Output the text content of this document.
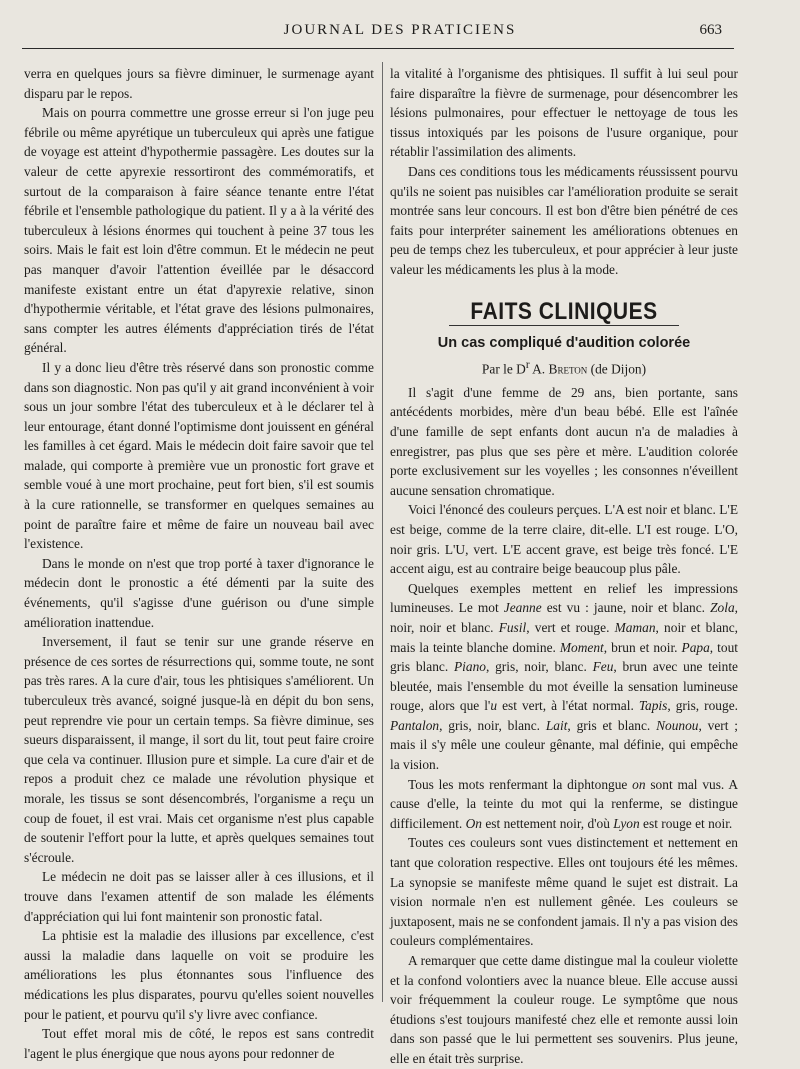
JOURNAL DES PRATICIENS	663

verra en quelques jours sa fièvre diminuer, le surmenage ayant disparu par le repos.

Mais on pourra commettre une grosse erreur si l'on juge peu fébrile ou même apyrétique un tuberculeux qui après une fatigue de voyage est atteint d'hypothermie passagère. Les doutes sur la valeur de cette apyrexie ressortiront des commémoratifs, et surtout de la comparaison à faire séance tenante entre l'état fébrile et l'ensemble pathologique du patient. Il y a à la vérité des tuberculeux à lésions énormes qui touchent à peine 37 tous les soirs. Mais le fait est loin d'être commun. Et le médecin ne peut pas manquer d'avoir l'attention éveillée par le désaccord manifeste existant entre un état d'apyrexie relative, sinon d'hypothermie véritable, et l'état grave des lésions pulmonaires, sans compter les autres éléments d'appréciation tirés de l'état général.

Il y a donc lieu d'être très réservé dans son pronostic comme dans son diagnostic. Non pas qu'il y ait grand inconvénient à voir sous un jour sombre l'état des tuberculeux et à le déclarer tel à leur entourage, étant donné l'optimisme dont jouissent en général les familles à cet égard. Mais le médecin doit faire savoir que tel malade, qui comporte à première vue un pronostic fort grave et semble voué à une mort prochaine, peut fort bien, s'il est soumis à la cure rationnelle, se transformer en quelques semaines au point de paraître faire et même de faire un nouveau bail avec l'existence.

Dans le monde on n'est que trop porté à taxer d'ignorance le médecin dont le pronostic a été démenti par la suite des événements, qu'il s'agisse d'une guérison ou d'une simple amélioration inattendue.

Inversement, il faut se tenir sur une grande réserve en présence de ces sortes de résurrections qui, somme toute, ne sont pas très rares. A la cure d'air, tous les phtisiques s'améliorent. Un tuberculeux très avancé, soigné jusque-là en dépit du bon sens, peut reprendre vie pour un certain temps. Sa fièvre diminue, ses sueurs disparaissent, il mange, il sort du lit, tout peut faire croire que cela va continuer. Illusion pure et simple. La cure d'air et de repos a produit chez ce malade une révolution physique et morale, les tissus se sont désencombrés, l'organisme a reçu un coup de fouet, il est vrai. Mais cet organisme n'est plus capable de soutenir l'effort pour la lutte, et après quelques semaines tout s'écroule.

Le médecin ne doit pas se laisser aller à ces illusions, et il trouve dans l'examen attentif de son malade les éléments d'appréciation qui lui font maintenir son pronostic fatal.

La phtisie est la maladie des illusions par excellence, c'est aussi la maladie dans laquelle on voit se produire les améliorations les plus étonnantes sous l'influence des médications les plus disparates, pourvu qu'elles soient nouvelles pour le patient, et pourvu qu'il s'y livre avec confiance.

Tout effet moral mis de côté, le repos est sans contredit l'agent le plus énergique que nous ayons pour redonner de

la vitalité à l'organisme des phtisiques. Il suffit à lui seul pour faire disparaître la fièvre de surmenage, pour désencombrer les lésions pulmonaires, pour effectuer le nettoyage de tous les tissus intoxiqués par les poisons de l'usure organique, pour rétablir l'assimilation des aliments.

Dans ces conditions tous les médicaments réussissent pourvu qu'ils ne soient pas nuisibles car l'amélioration produite se serait montrée sans leur concours. Il est bon d'être bien pénétré de ces faits pour interpréter sainement les améliorations obtenues en peu de temps chez les tuberculeux, et pour apprécier à leur juste valeur les médicaments les plus à la mode.

FAITS CLINIQUES
Un cas compliqué d'audition colorée
Par le $D^r$ A. Breton (de Dijon)

Il s'agit d'une femme de 29 ans, bien portante, sans antécédents morbides, mère d'un beau bébé. Elle est l'aînée d'une famille de sept enfants dont aucun n'a de maladies à enregistrer, pas plus que ses père et mère. L'audition colorée porte exclusivement sur les voyelles ; les consonnes n'éveillent aucune sensation chromatique.

Voici l'énoncé des couleurs perçues. L'A est noir et blanc. L'E est beige, comme de la terre claire, dit-elle. L'I est rouge. L'O, noir gris. L'U, vert. L'E accent grave, est beige très foncé. L'E accent aigu, est au contraire beige beaucoup plus pâle.

Quelques exemples mettent en relief les impressions lumineuses. Le mot Jeanne est vu : jaune, noir et blanc. Zola, noir, noir et blanc. Fusil, vert et rouge. Maman, noir et blanc, mais la teinte blanche domine. Moment, brun et noir. Papa, tout gris blanc. Piano, gris, noir, blanc. Feu, brun avec une teinte bleutée, mais l'ensemble du mot éveille la sensation lumineuse rouge, alors que l'u est vert, à l'état normal. Tapis, gris, rouge. Pantalon, gris, noir, blanc. Lait, gris et blanc. Nounou, vert ; mais il s'y mêle une couleur gênante, mal définie, qui empêche la vision.

Tous les mots renfermant la diphtongue on sont mal vus. A cause d'elle, la teinte du mot qui la renferme, se distingue difficilement. On est nettement noir, d'où Lyon est rouge et noir.

Toutes ces couleurs sont vues distinctement et nettement en tant que coloration respective. Elles ont toujours été les mêmes. La synopsie se manifeste même quand le sujet est distrait. La vision normale n'en est nullement gênée. Les couleurs se juxtaposent, mais ne se confondent jamais. Il n'y a pas vision des couleurs complémentaires.

A remarquer que cette dame distingue mal la couleur violette et la confond volontiers avec la nuance bleue. Elle accuse aussi voir fréquemment la couleur rouge. Le symptôme que nous étudions s'est toujours manifesté chez elle et remonte aussi loin dans son passé que le lui permettent ses souvenirs. Plus jeune, elle en était très surprise.
